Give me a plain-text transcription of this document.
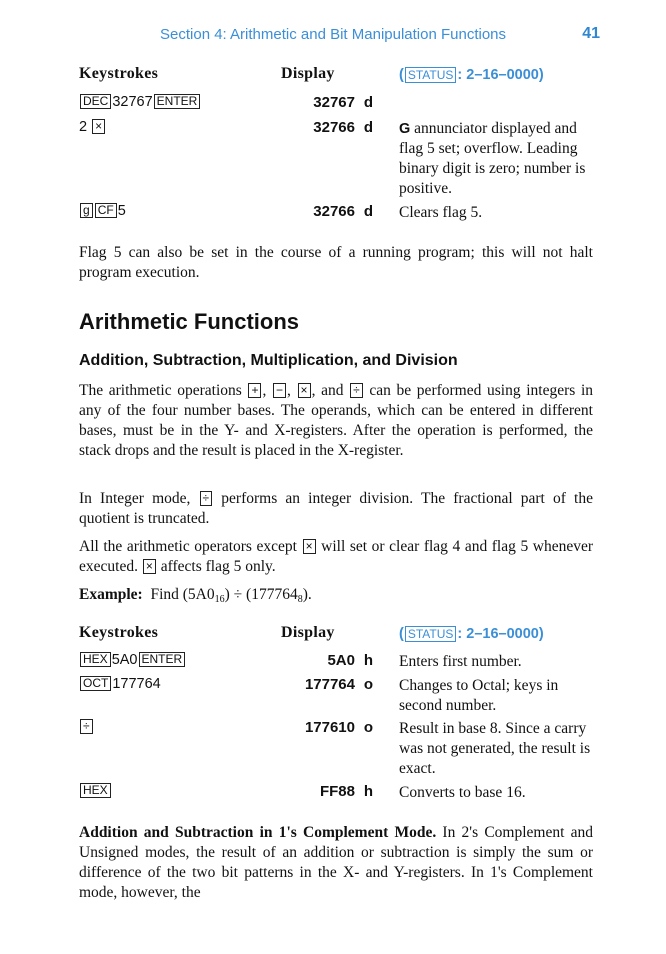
Section 4: Arithmetic and Bit Manipulation Functions	41
Keystrokes	Display	( STATUS : 2–16–0000)
DEC 32767 ENTER	32767 d
2 ×	32766 d G annunciator displayed and flag 5 set; overflow. Leading binary digit is zero; number is positive.
g CF 5	32766 d Clears flag 5.
Flag 5 can also be set in the course of a running program; this will not halt program execution.
Arithmetic Functions
Addition, Subtraction, Multiplication, and Division
The arithmetic operations + , − , × , and ÷ can be performed using integers in any of the four number bases. The operands, which can be entered in different bases, must be in the Y- and X-registers. After the operation is performed, the stack drops and the result is placed in the X-register.
In Integer mode, ÷ performs an integer division. The fractional part of the quotient is truncated.
All the arithmetic operators except × will set or clear flag 4 and flag 5 whenever executed. × affects flag 5 only.
Example: Find $(5A0_{16}) \div (177764_8)$.
Keystrokes	Display	( STATUS : 2–16–0000)
HEX 5A0 ENTER	5A0 h Enters first number.
OCT 177764	177764 o Changes to Octal; keys in second number.
÷	177610 o Result in base 8. Since a carry was not generated, the result is exact.
HEX	FF88 h Converts to base 16.
Addition and Subtraction in 1's Complement Mode. In 2's Complement and Unsigned modes, the result of an addition or subtraction is simply the sum or difference of the two bit patterns in the X- and Y-registers. In 1's Complement mode, however, the
